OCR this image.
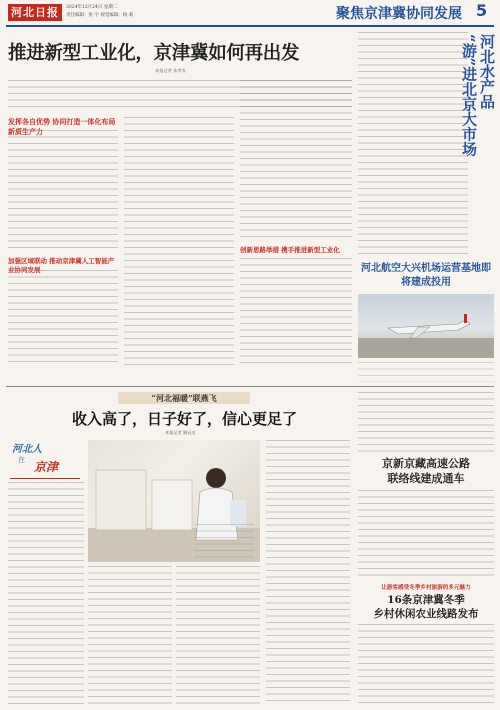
河北日报	2024年12月24日 星期二
责任编辑：张 宇 视觉编辑：杨 莉	聚焦京津冀协同发展 5
推进新型工业化，京津冀如何再出发
本报记者 朱孝寿
发挥各自优势 协同打造一体化布局新质生产力
加强区域联动 推动京津冀人工智能产业协同发展
创新思路举措 携手推进新型工业化
河北水产品
“游”进北京大市场
河北航空大兴机场运营基地即将建成投用
“河北福暖”联燕飞
收入高了，日子好了，信心更足了
本报记者 解冠龙
河北人
在 京津	京新京藏高速公路
联络线建成通车
让游客感受冬季乡村旅游的多元魅力
16条京津冀冬季
乡村休闲农业线路发布
